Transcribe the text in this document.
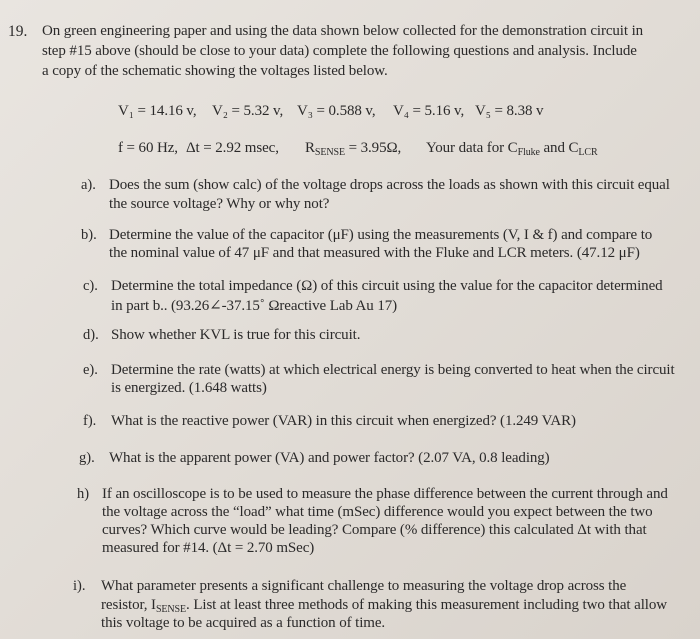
19. On green engineering paper and using the data shown below collected for the demonstration circuit in
step #15 above (should be close to your data) complete the following questions and analysis. Include
a copy of the schematic showing the voltages listed below.
V₁ = 14.16 v, V₂ = 5.32 v, V₃ = 0.588 v, V₄ = 5.16 v, V₅ = 8.38 v
f = 60 Hz, Δt = 2.92 msec, $R_{SENSE} = 3.95\Omega$, Your data for $C_{Fluke}$ and $C_{LCR}$
a). Does the sum (show calc) of the voltage drops across the loads as shown with this circuit equal
the source voltage? Why or why not?
b). Determine the value of the capacitor (μF) using the measurements (V, I & f) and compare to
the nominal value of 47 μF and that measured with the Fluke and LCR meters. (47.12 μF)
c). Determine the total impedance (Ω) of this circuit using the value for the capacitor determined
in part b.. (93.26∠-37.15˚ Ωreactive Lab Au 17)
d). Show whether KVL is true for this circuit.
e). Determine the rate (watts) at which electrical energy is being converted to heat when the circuit
is energized. (1.648 watts)
f). What is the reactive power (VAR) in this circuit when energized? (1.249 VAR)
g). What is the apparent power (VA) and power factor? (2.07 VA, 0.8 leading)
h) If an oscilloscope is to be used to measure the phase difference between the current through and
the voltage across the “load” what time (mSec) difference would you expect between the two
curves? Which curve would be leading? Compare (% difference) this calculated Δt with that
measured for #14. (Δt = 2.70 mSec)
i). What parameter presents a significant challenge to measuring the voltage drop across the
resistor, $I_{SENSE}$. List at least three methods of making this measurement including two that allow
this voltage to be acquired as a function of time.
